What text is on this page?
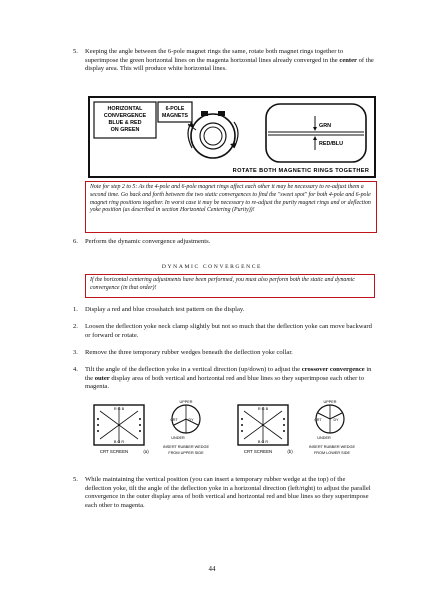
5.	Keeping the angle between the 6-pole magnet rings the same, rotate both magnet rings together to superimpose the green horizontal lines on the magenta horizontal lines already converged in the center of the display area. This will produce white horizontal lines.
HORIZONTAL
CONVERGENCE
BLUE & RED
ON GREEN
6-POLE
MAGNETS
GRN
RED/BLU
ROTATE BOTH MAGNETIC RINGS TOGETHER
Note for step 2 to 5: As the 4-pole and 6-pole magnet rings affect each other it may be necessary to re-adjust them a second time. Go back and forth between the two static convergences to find the "sweet spot" for both 4-pole and 6-pole magnet ring positions together. In worst case it may be necessary to re-adjust the purity magnet rings and or deflection yoke position (as described in section Horizontal Centering (Purity))!
6.	Perform the dynamic convergence adjustments.
DYNAMIC CONVERGENCE
If the horizontal centering adjustments have been performed, you must also perform both the static and dynamic convergence (in that order)!
1.	Display a red and blue crosshatch test pattern on the display.
2.	Loosen the deflection yoke neck clamp slightly but not so much that the deflection yoke can move backward or forward or rotate.
3.	Remove the three temporary rubber wedges beneath the deflection yoke collar.
4.	Tilt the angle of the deflection yoke in a vertical direction (up/down) to adjust the crossover convergence in the outer display area of both vertical and horizontal red and blue lines so they superimpose each other to magenta.
R G B
B G R
CRT SCREEN	(a)
UPPER
CRT	DY
UNDER
INSERT RUBBER WEDGE
FROM UPPER SIDE
R G B
B G R
CRT SCREEN	(b)
UPPER
CRT	DY
UNDER
INSERT RUBBER WEDGE
FROM LOWER SIDE
5.	While maintaining the vertical position (you can insert a temporary rubber wedge at the top) of the deflection yoke, tilt the angle of the deflection yoke in a horizontal direction (left/right) to adjust the parallel convergence in the outer display area of both vertical and horizontal red and blue lines so they superimpose each other to magenta.
44
